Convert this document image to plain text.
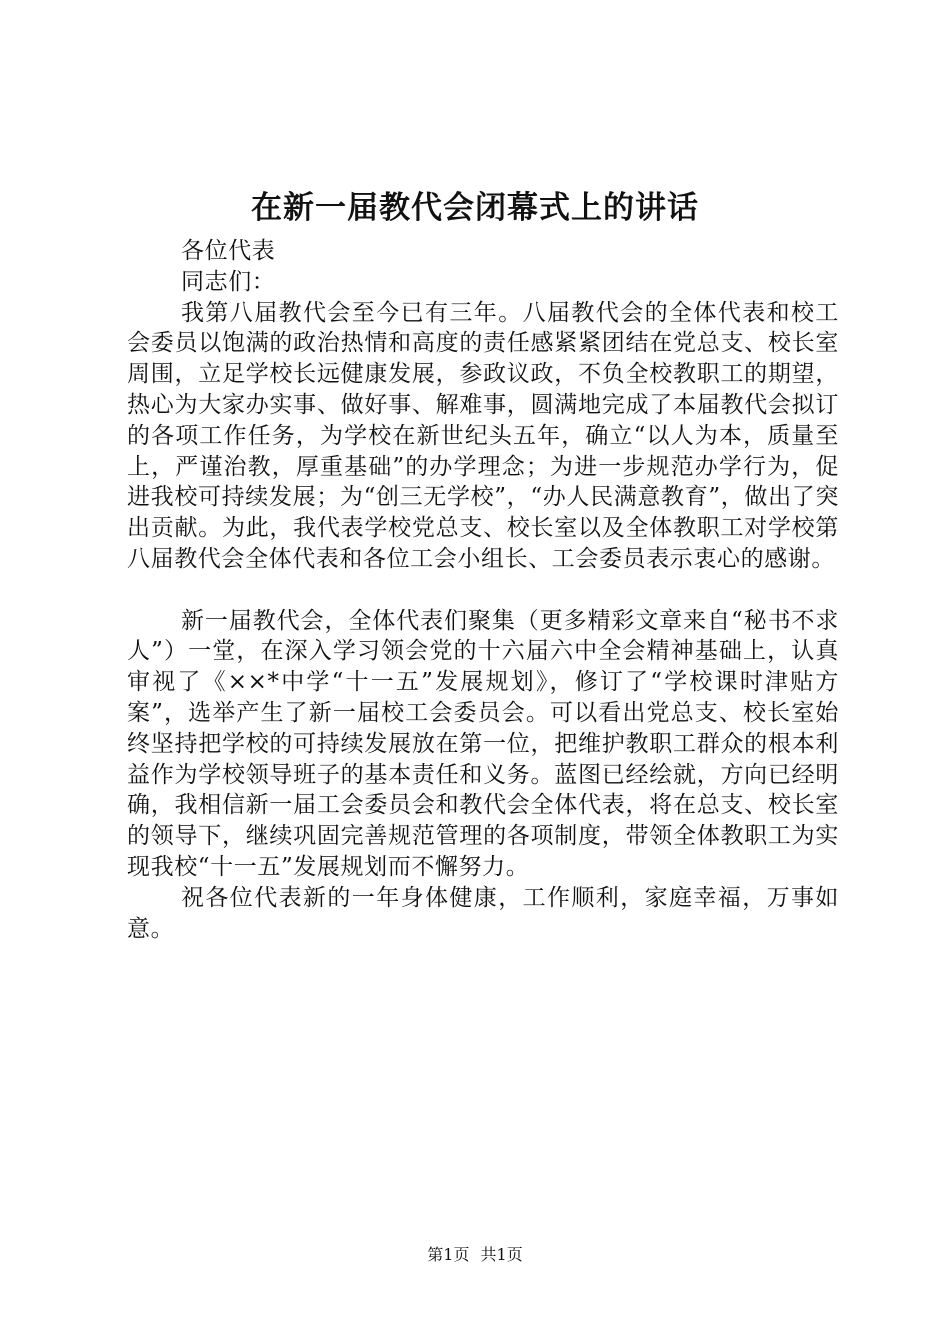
在新一届教代会闭幕式上的讲话

各位代表

同志们：

我第八届教代会至今已有三年。八届教代会的全体代表和校工会委员以饱满的政治热情和高度的责任感紧紧团结在党总支、校长室周围，立足学校长远健康发展，参政议政，不负全校教职工的期望，热心为大家办实事、做好事、解难事，圆满地完成了本届教代会拟订的各项工作任务，为学校在新世纪头五年，确立“以人为本，质量至上，严谨治教，厚重基础”的办学理念；为进一步规范办学行为，促进我校可持续发展；为“创三无学校”，“办人民满意教育”，做出了突出贡献。为此，我代表学校党总支、校长室以及全体教职工对学校第八届教代会全体代表和各位工会小组长、工会委员表示衷心的感谢。

新一届教代会，全体代表们聚集（更多精彩文章来自“秘书不求人”）一堂，在深入学习领会党的十六届六中全会精神基础上，认真审视了《××*中学“十一五”发展规划》，修订了“学校课时津贴方案”，选举产生了新一届校工会委员会。可以看出党总支、校长室始终坚持把学校的可持续发展放在第一位，把维护教职工群众的根本利益作为学校领导班子的基本责任和义务。蓝图已经绘就，方向已经明确，我相信新一届工会委员会和教代会全体代表，将在总支、校长室的领导下，继续巩固完善规范管理的各项制度，带领全体教职工为实现我校“十一五”发展规划而不懈努力。

祝各位代表新的一年身体健康，工作顺利，家庭幸福，万事如意。

第1页 共1页
